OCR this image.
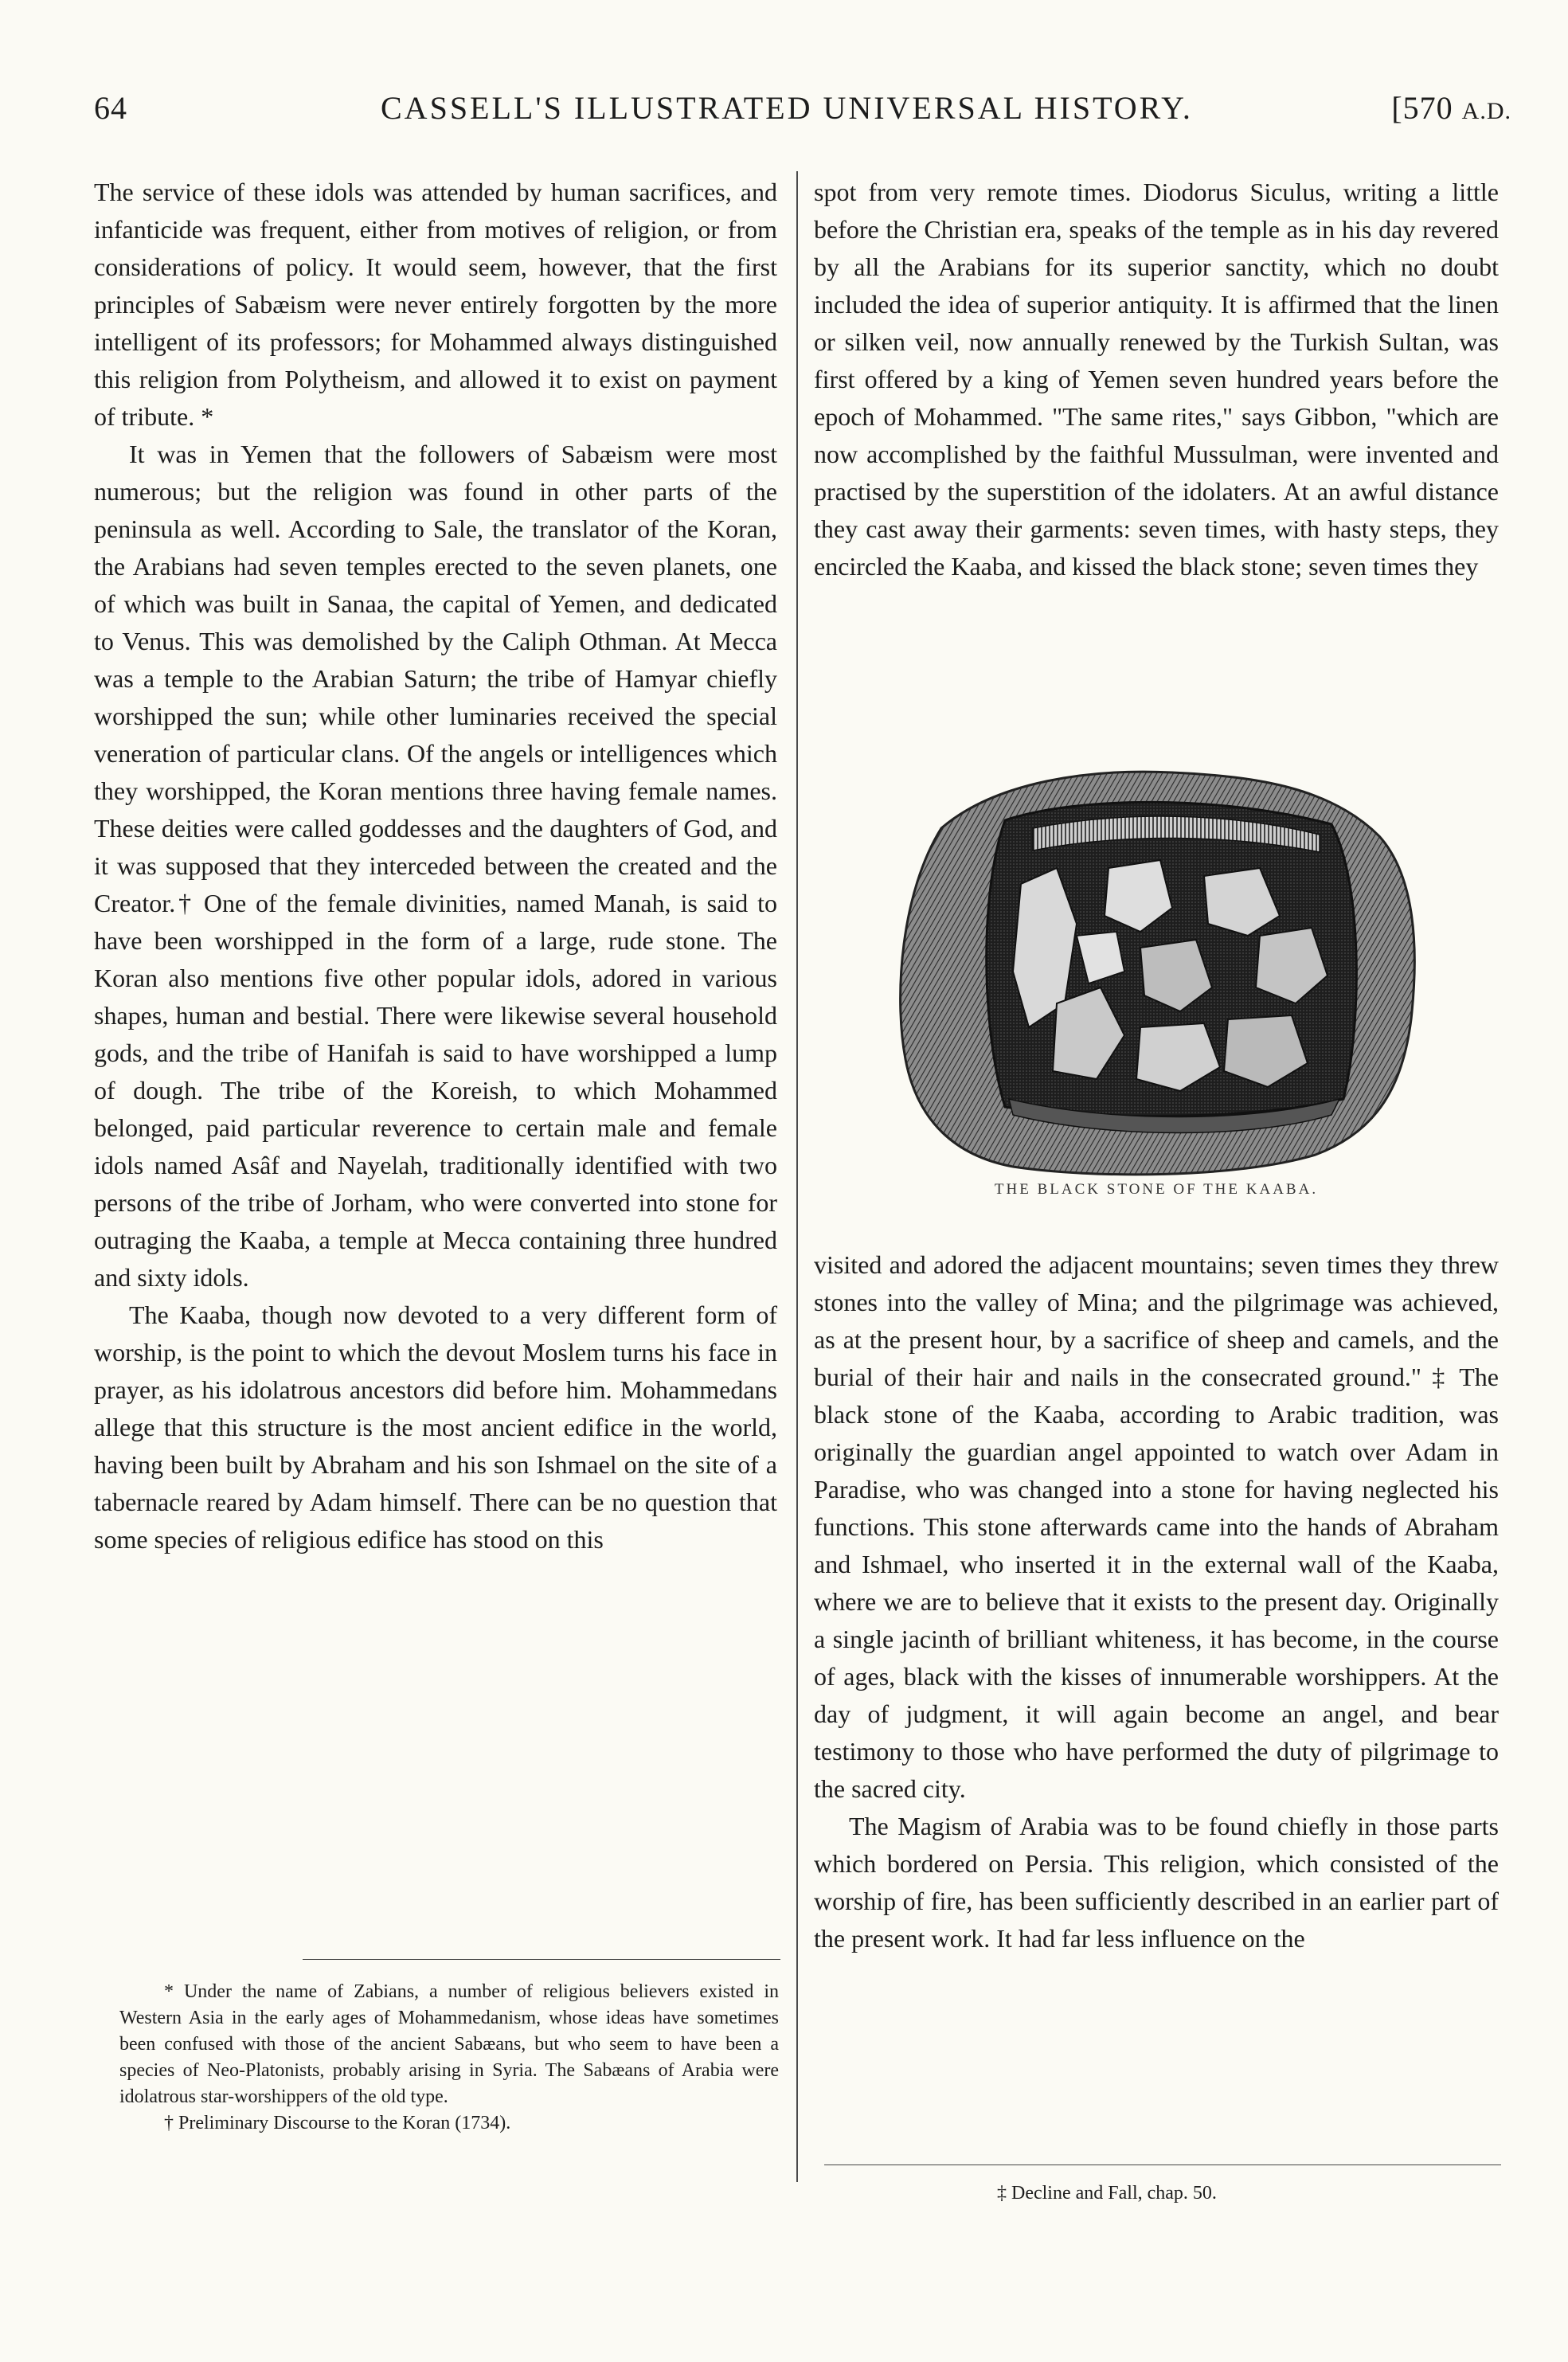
64	CASSELL'S ILLUSTRATED UNIVERSAL HISTORY.	[570 A.D.

The service of these idols was attended by human sacrifices, and infanticide was frequent, either from motives of religion, or from considerations of policy. It would seem, however, that the first principles of Sabæism were never entirely forgotten by the more intelligent of its professors; for Mohammed always distinguished this religion from Polytheism, and allowed it to exist on payment of tribute. *

It was in Yemen that the followers of Sabæism were most numerous; but the religion was found in other parts of the peninsula as well. According to Sale, the translator of the Koran, the Arabians had seven temples erected to the seven planets, one of which was built in Sanaa, the capital of Yemen, and dedicated to Venus. This was demolished by the Caliph Othman. At Mecca was a temple to the Arabian Saturn; the tribe of Hamyar chiefly worshipped the sun; while other luminaries received the special veneration of particular clans. Of the angels or intelligences which they worshipped, the Koran mentions three having female names. These deities were called goddesses and the daughters of God, and it was supposed that they interceded between the created and the Creator.† One of the female divinities, named Manah, is said to have been worshipped in the form of a large, rude stone. The Koran also mentions five other popular idols, adored in various shapes, human and bestial. There were likewise several household gods, and the tribe of Hanifah is said to have worshipped a lump of dough. The tribe of the Koreish, to which Mohammed belonged, paid particular reverence to certain male and female idols named Asâf and Nayelah, traditionally identified with two persons of the tribe of Jorham, who were converted into stone for outraging the Kaaba, a temple at Mecca containing three hundred and sixty idols.

The Kaaba, though now devoted to a very different form of worship, is the point to which the devout Moslem turns his face in prayer, as his idolatrous ancestors did before him. Mohammedans allege that this structure is the most ancient edifice in the world, having been built by Abraham and his son Ishmael on the site of a tabernacle reared by Adam himself. There can be no question that some species of religious edifice has stood on this

* Under the name of Zabians, a number of religious believers existed in Western Asia in the early ages of Mohammedanism, whose ideas have sometimes been confused with those of the ancient Sabæans, but who seem to have been a species of Neo-Platonists, probably arising in Syria. The Sabæans of Arabia were idolatrous star-worshippers of the old type.

† Preliminary Discourse to the Koran (1734).

spot from very remote times. Diodorus Siculus, writing a little before the Christian era, speaks of the temple as in his day revered by all the Arabians for its superior sanctity, which no doubt included the idea of superior antiquity. It is affirmed that the linen or silken veil, now annually renewed by the Turkish Sultan, was first offered by a king of Yemen seven hundred years before the epoch of Mohammed. "The same rites," says Gibbon, "which are now accomplished by the faithful Mussulman, were invented and practised by the superstition of the idolaters. At an awful distance they cast away their garments: seven times, with hasty steps, they encircled the Kaaba, and kissed the black stone; seven times they

THE BLACK STONE OF THE KAABA.

visited and adored the adjacent mountains; seven times they threw stones into the valley of Mina; and the pilgrimage was achieved, as at the present hour, by a sacrifice of sheep and camels, and the burial of their hair and nails in the consecrated ground." ‡ The black stone of the Kaaba, according to Arabic tradition, was originally the guardian angel appointed to watch over Adam in Paradise, who was changed into a stone for having neglected his functions. This stone afterwards came into the hands of Abraham and Ishmael, who inserted it in the external wall of the Kaaba, where we are to believe that it exists to the present day. Originally a single jacinth of brilliant whiteness, it has become, in the course of ages, black with the kisses of innumerable worshippers. At the day of judgment, it will again become an angel, and bear testimony to those who have performed the duty of pilgrimage to the sacred city.

The Magism of Arabia was to be found chiefly in those parts which bordered on Persia. This religion, which consisted of the worship of fire, has been sufficiently described in an earlier part of the present work. It had far less influence on the

‡ Decline and Fall, chap. 50.
